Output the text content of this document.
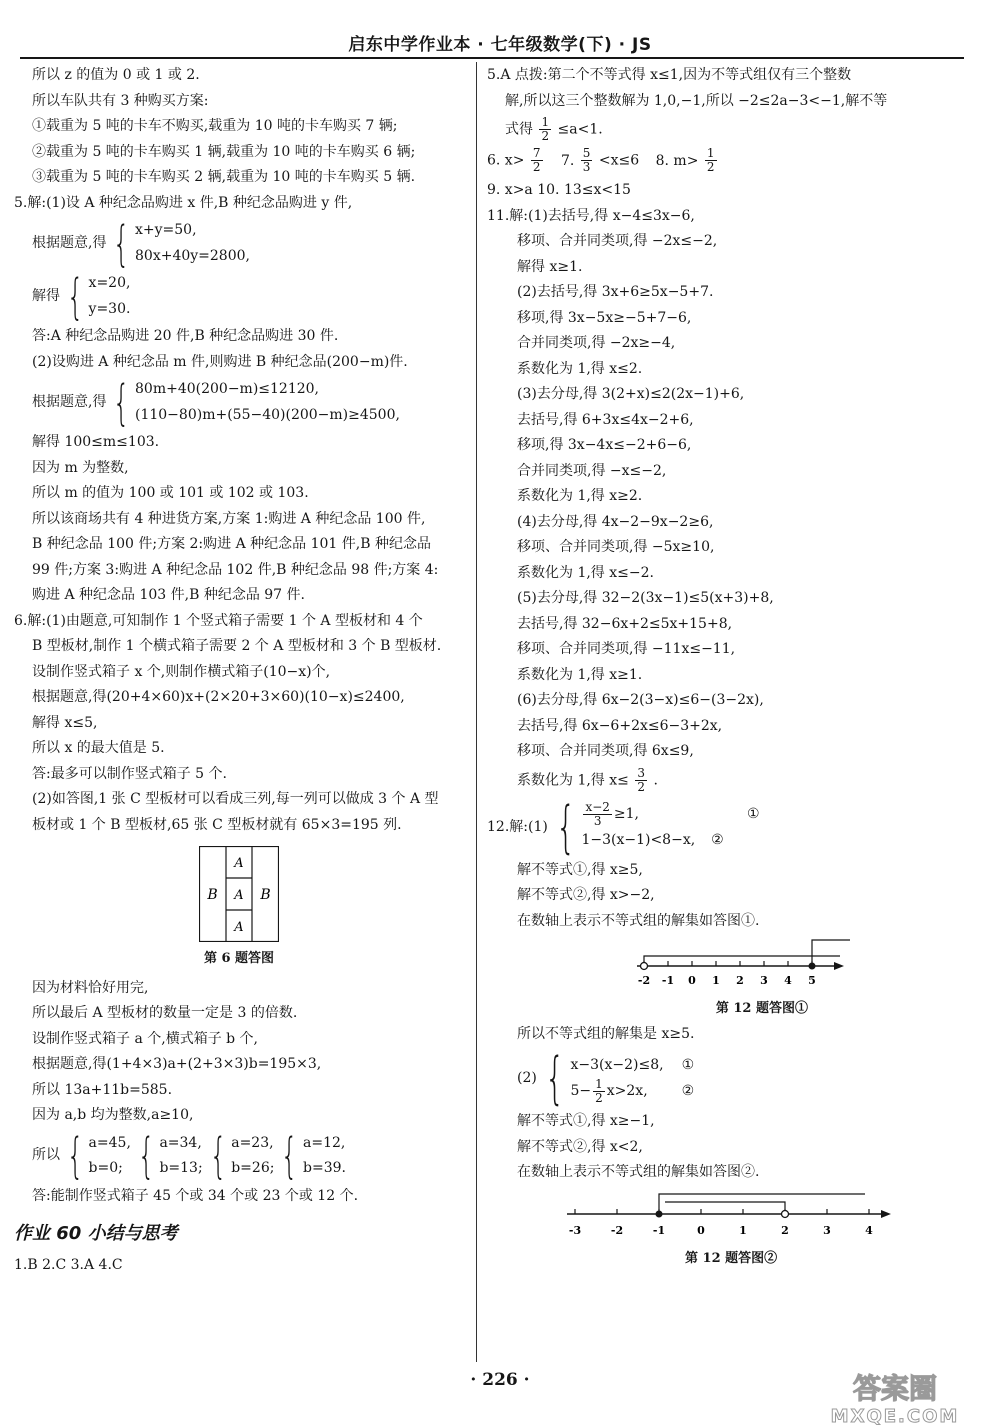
启东中学作业本 · 七年级数学(下) · JS
所以 z 的值为 0 或 1 或 2.
所以车队共有 3 种购买方案:
①载重为 5 吨的卡车不购买,载重为 10 吨的卡车购买 7 辆;
②载重为 5 吨的卡车购买 1 辆,载重为 10 吨的卡车购买 6 辆;
③载重为 5 吨的卡车购买 2 辆,载重为 10 吨的卡车购买 5 辆.
5.解:(1)设 A 种纪念品购进 x 件,B 种纪念品购进 y 件,
根据题意,得 { x+y=50,
80x+40y=2800,
解得 { x=20,
y=30.
答:A 种纪念品购进 20 件,B 种纪念品购进 30 件.
(2)设购进 A 种纪念品 m 件,则购进 B 种纪念品(200−m)件.
根据题意,得 { 80m+40(200−m)≤12120,
(110−80)m+(55−40)(200−m)≥4500,
解得 100≤m≤103.
因为 m 为整数,
所以 m 的值为 100 或 101 或 102 或 103.
所以该商场共有 4 种进货方案,方案 1:购进 A 种纪念品 100 件,
B 种纪念品 100 件;方案 2:购进 A 种纪念品 101 件,B 种纪念品
99 件;方案 3:购进 A 种纪念品 102 件,B 种纪念品 98 件;方案 4:
购进 A 种纪念品 103 件,B 种纪念品 97 件.
6.解:(1)由题意,可知制作 1 个竖式箱子需要 1 个 A 型板材和 4 个
B 型板材,制作 1 个横式箱子需要 2 个 A 型板材和 3 个 B 型板材.
设制作竖式箱子 x 个,则制作横式箱子(10−x)个,
根据题意,得(20+4×60)x+(2×20+3×60)(10−x)≤2400,
解得 x≤5,
所以 x 的最大值是 5.
答:最多可以制作竖式箱子 5 个.
(2)如答图,1 张 C 型板材可以看成三列,每一列可以做成 3 个 A 型
板材或 1 个 B 型板材,65 张 C 型板材就有 65×3=195 列.
B	B
A
A
A
第 6 题答图
因为材料恰好用完,
所以最后 A 型板材的数量一定是 3 的倍数.
设制作竖式箱子 a 个,横式箱子 b 个,
根据题意,得(1+4×3)a+(2+3×3)b=195×3,
所以 13a+11b=585.
因为 a,b 均为整数,a≥10,
所以 { a=45,
b=0; { a=34,
b=13; { a=23,
b=26; { a=12,
b=39.
答:能制作竖式箱子 45 个或 34 个或 23 个或 12 个.
作业 60 小结与思考
1.B 2.C 3.A 4.C
5.A 点拨:第二个不等式得 x≤1,因为不等式组仅有三个整数
解,所以这三个整数解为 1,0,−1,所以 −2≤2a−3<−1,解不等
式得 $\frac{1}{2} \le a<1$.
6. $x> \frac{7}{2} 7$. $\frac{5}{3} <x\le 6$ 8. $m> \frac{1}{2}$
9. x>a 10. 13≤x<15
11.解:(1)去括号,得 x−4≤3x−6,
移项、合并同类项,得 −2x≤−2,
解得 x≥1.
(2)去括号,得 3x+6≥5x−5+7.
移项,得 3x−5x≥−5+7−6,
合并同类项,得 −2x≥−4,
系数化为 1,得 x≤2.
(3)去分母,得 3(2+x)≤2(2x−1)+6,
去括号,得 6+3x≤4x−2+6,
移项,得 3x−4x≤−2+6−6,
合并同类项,得 −x≤−2,
系数化为 1,得 x≥2.
(4)去分母,得 4x−2−9x−2≥6,
移项、合并同类项,得 −5x≥10,
系数化为 1,得 x≤−2.
(5)去分母,得 32−2(3x−1)≤5(x+3)+8,
去括号,得 32−6x+2≤5x+15+8,
移项、合并同类项,得 −11x≤−11,
系数化为 1,得 x≥1.
(6)去分母,得 6x−2(3−x)≤6−(3−2x),
去括号,得 6x−6+2x≤6−3+2x,
移项、合并同类项,得 6x≤9,
系数化为 1,得 $x\le \frac{3}{2}$ .
12.解:(1) { $\frac{x-2}{3} \ge 1$,	①
1−3(x−1)<8−x, ②
解不等式①,得 x≥5,
解不等式②,得 x>−2,
在数轴上表示不等式组的解集如答图①.
-2 -1 0 1 2 3 4 5
第 12 题答图①
所以不等式组的解集是 x≥5.
(2) { x−3(x−2)≤8, ①
$5- \frac{1}{2} x>2x$, ②
解不等式①,得 x≥−1,
解不等式②,得 x<2,
在数轴上表示不等式组的解集如答图②.
-3	-2	-1	0	1	2	3	4
第 12 题答图②
· 226 ·	答案圈
MXQE.COM
